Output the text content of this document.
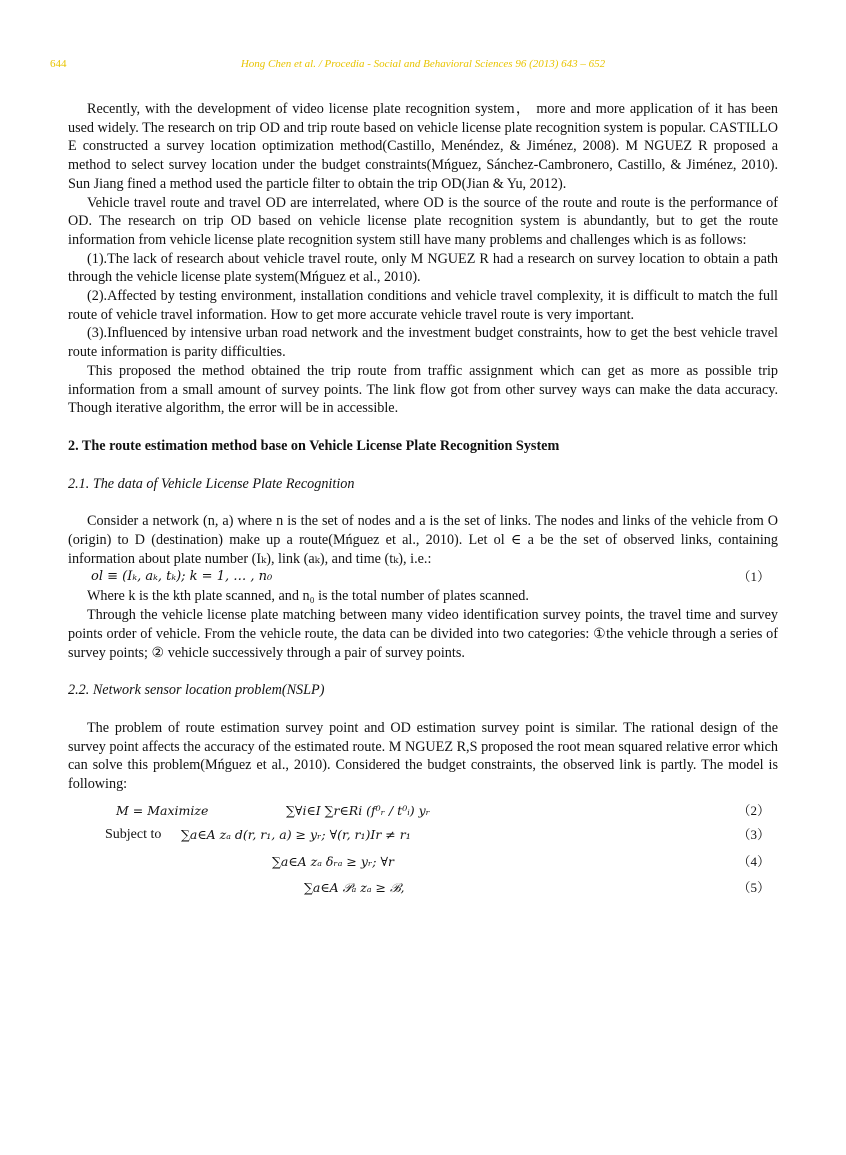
644	Hong Chen et al. / Procedia - Social and Behavioral Sciences 96 (2013) 643 – 652

Recently, with the development of video license plate recognition system， more and more application of it has been used widely. The research on trip OD and trip route based on vehicle license plate recognition system is popular. CASTILLO E constructed a survey location optimization method(Castillo, Menéndez, & Jiménez, 2008). M NGUEZ R proposed a method to select survey location under the budget constraints(Mńguez, Sánchez-Cambronero, Castillo, & Jiménez, 2010). Sun Jiang fined a method used the particle filter to obtain the trip OD(Jian & Yu, 2012).

Vehicle travel route and travel OD are interrelated, where OD is the source of the route and route is the performance of OD. The research on trip OD based on vehicle license plate recognition system is abundantly, but to get the route information from vehicle license plate recognition system still have many problems and challenges which is as follows:

(1).The lack of research about vehicle travel route, only M NGUEZ R had a research on survey location to obtain a path through the vehicle license plate system(Mńguez et al., 2010).

(2).Affected by testing environment, installation conditions and vehicle travel complexity, it is difficult to match the full route of vehicle travel information. How to get more accurate vehicle travel route is very important.

(3).Influenced by intensive urban road network and the investment budget constraints, how to get the best vehicle travel route information is parity difficulties.

This proposed the method obtained the trip route from traffic assignment which can get as more as possible trip information from a small amount of survey points. The link flow got from other survey ways can make the data accuracy. Though iterative algorithm, the error will be in accessible.

2. The route estimation method base on Vehicle License Plate Recognition System

2.1. The data of Vehicle License Plate Recognition

Consider a network (n, a) where n is the set of nodes and a is the set of links. The nodes and links of the vehicle from O (origin) to D (destination) make up a route(Mńguez et al., 2010). Let ol ∈ a be the set of observed links, containing information about plate number (Iₖ), link (aₖ), and time (tₖ), i.e.:

ol ≡ (Iₖ, aₖ, tₖ); k = 1, … , n₀	（1）

Where k is the kth plate scanned, and n₀ is the total number of plates scanned.

Through the vehicle license plate matching between many video identification survey points, the travel time and survey points order of vehicle. From the vehicle route, the data can be divided into two categories: ①the vehicle through a series of survey points; ② vehicle successively through a pair of survey points.

2.2. Network sensor location problem(NSLP)

The problem of route estimation survey point and OD estimation survey point is similar. The rational design of the survey point affects the accuracy of the estimated route. M NGUEZ R,S proposed the root mean squared relative error which can solve this problem(Mńguez et al., 2010). Considered the budget constraints, the observed link is partly. The model is following:

M = Maximize	∑∀i∈I ∑r∈Ri (f⁰ᵣ / t⁰ᵢ) yᵣ	（2）
Subject to ∑a∈A zₐ d(r, r₁, a) ≥ yᵣ; ∀(r, r₁)Ir ≠ r₁	（3）
∑a∈A zₐ δᵣₐ ≥ yᵣ; ∀r	（4）
∑a∈A 𝒫ₐ zₐ ≥ ℬ,	（5）
